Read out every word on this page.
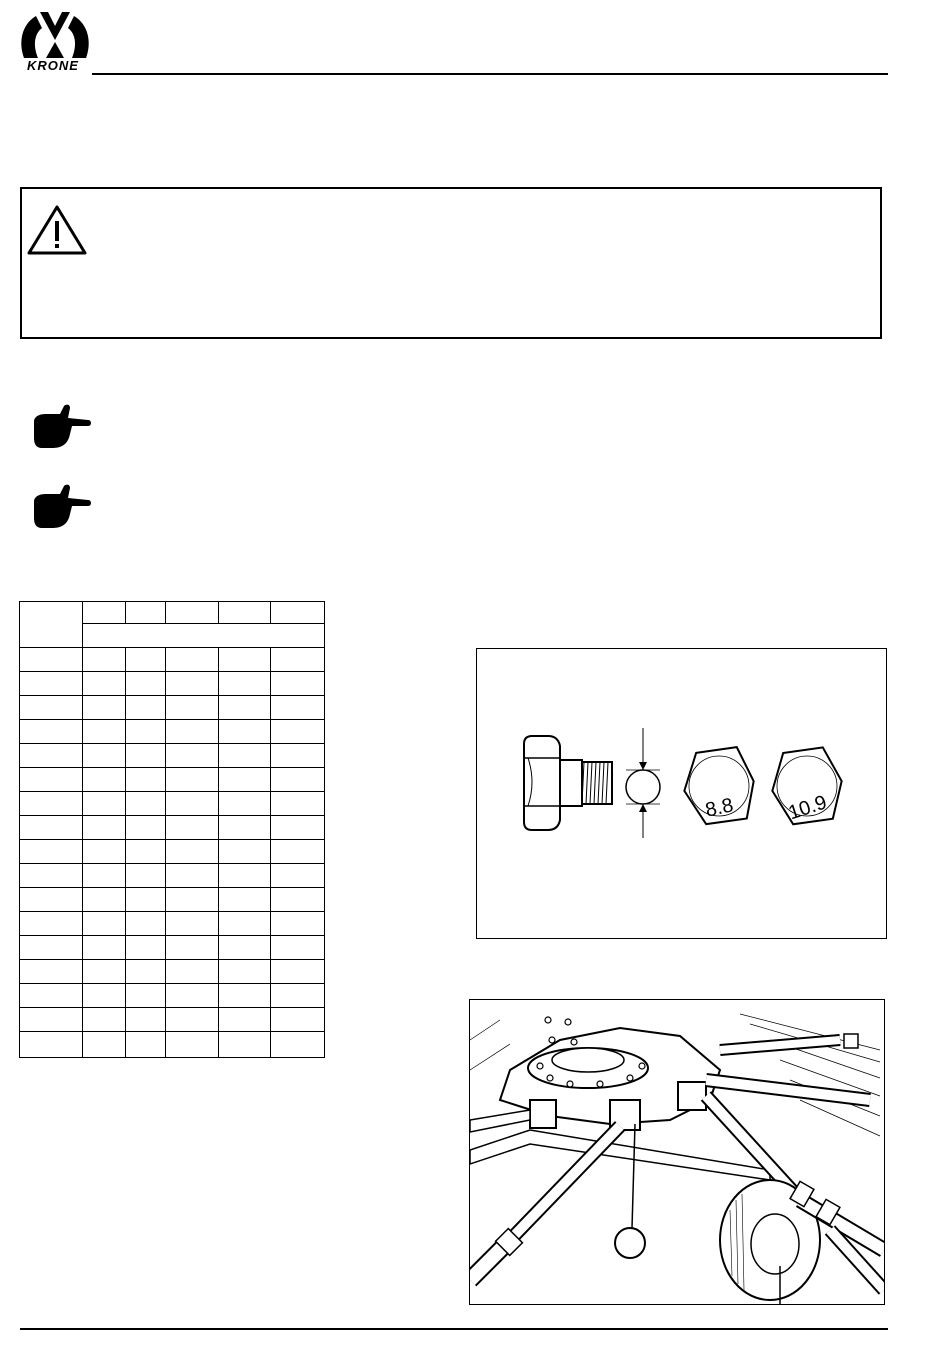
KRONE

8.8	10.9
